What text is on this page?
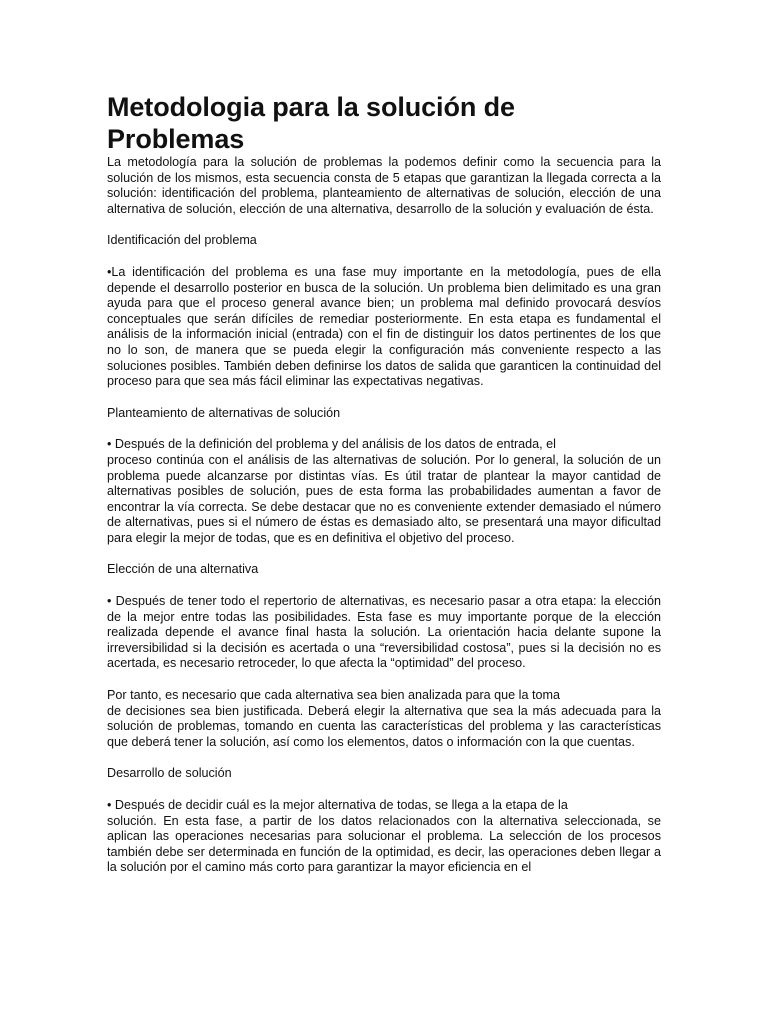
Metodologia para la solución de
Problemas

La metodología para la solución de problemas la podemos definir como la secuencia para la solución de los mismos, esta secuencia consta de 5 etapas que garantizan la llegada correcta a la solución: identificación del problema, planteamiento de alternativas de solución, elección de una alternativa de solución, elección de una alternativa, desarrollo de la solución y evaluación de ésta.

Identificación del problema

•La identificación del problema es una fase muy importante en la metodología, pues de ella depende el desarrollo posterior en busca de la solución. Un problema bien delimitado es una gran ayuda para que el proceso general avance bien; un problema mal definido provocará desvíos conceptuales que serán difíciles de remediar posteriormente. En esta etapa es fundamental el análisis de la información inicial (entrada) con el fin de distinguir los datos pertinentes de los que no lo son, de manera que se pueda elegir la configuración más conveniente respecto a las soluciones posibles. También deben definirse los datos de salida que garanticen la continuidad del proceso para que sea más fácil eliminar las expectativas negativas.

Planteamiento de alternativas de solución

• Después de la definición del problema y del análisis de los datos de entrada, el
proceso continúa con el análisis de las alternativas de solución. Por lo general, la solución de un problema puede alcanzarse por distintas vías. Es útil tratar de plantear la mayor cantidad de alternativas posibles de solución, pues de esta forma las probabilidades aumentan a favor de encontrar la vía correcta. Se debe destacar que no es conveniente extender demasiado el número de alternativas, pues si el número de éstas es demasiado alto, se presentará una mayor dificultad para elegir la mejor de todas, que es en definitiva el objetivo del proceso.

Elección de una alternativa

• Después de tener todo el repertorio de alternativas, es necesario pasar a otra etapa: la elección de la mejor entre todas las posibilidades. Esta fase es muy importante porque de la elección realizada depende el avance final hasta la solución. La orientación hacia delante supone la irreversibilidad si la decisión es acertada o una “reversibilidad costosa”, pues si la decisión no es acertada, es necesario retroceder, lo que afecta la “optimidad” del proceso.

Por tanto, es necesario que cada alternativa sea bien analizada para que la toma
de decisiones sea bien justificada. Deberá elegir la alternativa que sea la más adecuada para la solución de problemas, tomando en cuenta las características del problema y las características que deberá tener la solución, así como los elementos, datos o información con la que cuentas.

Desarrollo de solución

• Después de decidir cuál es la mejor alternativa de todas, se llega a la etapa de la
solución. En esta fase, a partir de los datos relacionados con la alternativa seleccionada, se aplican las operaciones necesarias para solucionar el problema. La selección de los procesos también debe ser determinada en función de la optimidad, es decir, las operaciones deben llegar a la solución por el camino más corto para garantizar la mayor eficiencia en el
